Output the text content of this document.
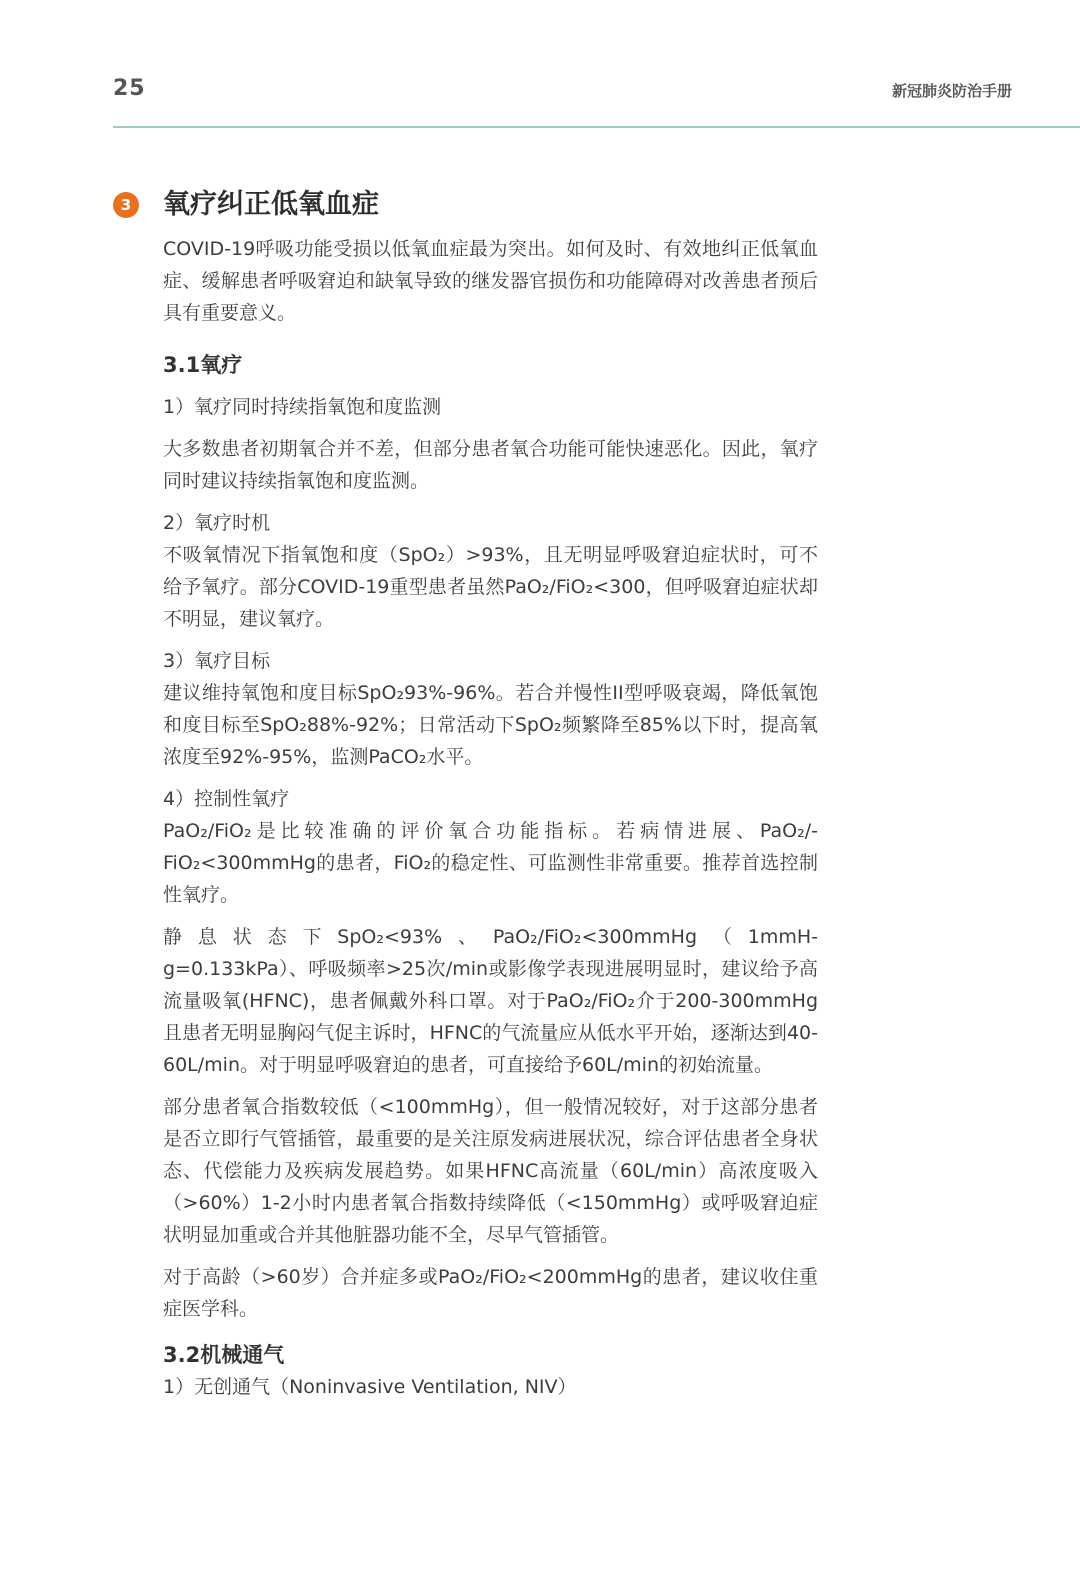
25	新冠肺炎防治手册
3 氧疗纠正低氧血症

COVID-19呼吸功能受损以低氧血症最为突出。如何及时、有效地纠正低氧血症、缓解患者呼吸窘迫和缺氧导致的继发器官损伤和功能障碍对改善患者预后具有重要意义。

3.1氧疗
1）氧疗同时持续指氧饱和度监测

大多数患者初期氧合并不差，但部分患者氧合功能可能快速恶化。因此，氧疗同时建议持续指氧饱和度监测。

2）氧疗时机

不吸氧情况下指氧饱和度（SpO₂）>93%，且无明显呼吸窘迫症状时，可不给予氧疗。部分COVID-19重型患者虽然PaO₂/FiO₂<300，但呼吸窘迫症状却不明显，建议氧疗。

3）氧疗目标

建议维持氧饱和度目标SpO₂93%-96%。若合并慢性II型呼吸衰竭，降低氧饱和度目标至SpO₂88%-92%；日常活动下SpO₂频繁降至85%以下时，提高氧浓度至92%-95%，监测PaCO₂水平。

4）控制性氧疗

PaO₂/FiO₂是比较准确的评价氧合功能指标。若病情进展、PaO₂/-FiO₂<300mmHg的患者，FiO₂的稳定性、可监测性非常重要。推荐首选控制性氧疗。

静息状态下SpO₂<93%、PaO₂/FiO₂<300mmHg（1mmH-g=0.133kPa）、呼吸频率>25次/min或影像学表现进展明显时，建议给予高流量吸氧(HFNC)，患者佩戴外科口罩。对于PaO₂/FiO₂介于200-300mmHg且患者无明显胸闷气促主诉时，HFNC的气流量应从低水平开始，逐渐达到40-60L/min。对于明显呼吸窘迫的患者，可直接给予60L/min的初始流量。

部分患者氧合指数较低（<100mmHg），但一般情况较好，对于这部分患者是否立即行气管插管，最重要的是关注原发病进展状况，综合评估患者全身状态、代偿能力及疾病发展趋势。如果HFNC高流量（60L/min）高浓度吸入（>60%）1-2小时内患者氧合指数持续降低（<150mmHg）或呼吸窘迫症状明显加重或合并其他脏器功能不全，尽早气管插管。

对于高龄（>60岁）合并症多或PaO₂/FiO₂<200mmHg的患者，建议收住重症医学科。

3.2机械通气
1）无创通气（Noninvasive Ventilation, NIV）
